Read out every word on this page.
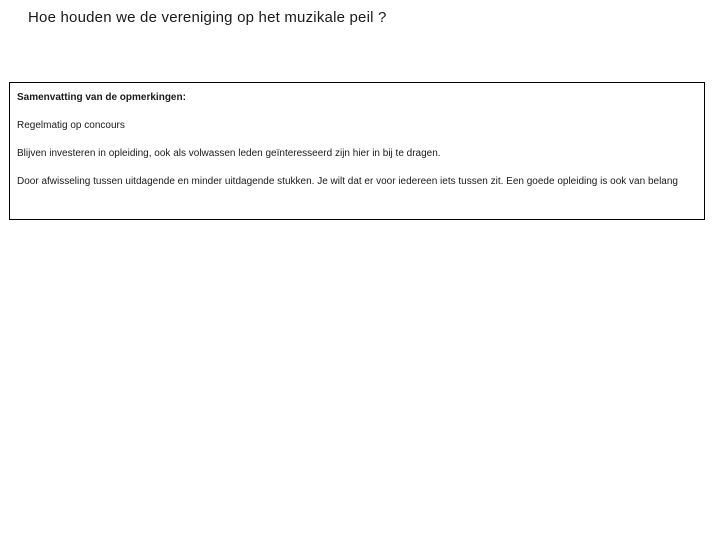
Hoe houden we de vereniging op het muzikale peil ?

Samenvatting van de opmerkingen:

Regelmatig op concours

Blijven investeren in opleiding, ook als volwassen leden geïnteresseerd zijn hier in bij te dragen.

Door afwisseling tussen uitdagende en minder uitdagende stukken. Je wilt dat er voor iedereen iets tussen zit. Een goede opleiding is ook van belang
